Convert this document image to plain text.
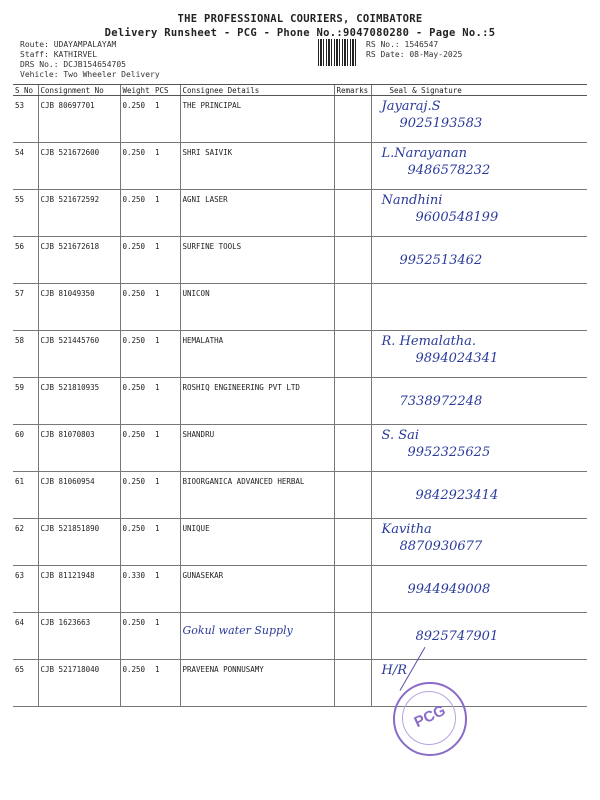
THE PROFESSIONAL COURIERS, COIMBATORE
Delivery Runsheet - PCG - Phone No.:9047080280 - Page No.:5
Route: UDAYAMPALAYAM
Staff: KATHIRVEL
DRS No.: DCJB154654705
Vehicle: Two Wheeler Delivery
RS No.: 1546547
RS Date: 08-May-2025
S No	Consignment No	Weight	PCS	Consignee Details	Remarks	Seal & Signature
53	CJB 80697701	0.250	1	THE PRINCIPAL		Jayaraj.S
9025193583

54	CJB 521672600	0.250	1	SHRI SAIVIK		L.Narayanan
9486578232

55	CJB 521672592	0.250	1	AGNI LASER		Nandhini
9600548199

56	CJB 521672618	0.250	1	SURFINE TOOLS		9952513462

57	CJB 81049350	0.250	1	UNICON		
58	CJB 521445760	0.250	1	HEMALATHA		R. Hemalatha.
9894024341

59	CJB 521810935	0.250	1	ROSHIQ ENGINEERING PVT LTD		7338972248

60	CJB 81070803	0.250	1	SHANDRU		S. Sai
9952325625

61	CJB 81060954	0.250	1	BIOORGANICA ADVANCED HERBAL		9842923414

62	CJB 521851890	0.250	1	UNIQUE		Kavitha
8870930677

63	CJB 81121948	0.330	1	GUNASEKAR		9944949008

64	CJB 1623663	0.250	1	Gokul water Supply		8925747901

65	CJB 521718040	0.250	1	PRAVEENA PONNUSAMY		H/R
PCG
